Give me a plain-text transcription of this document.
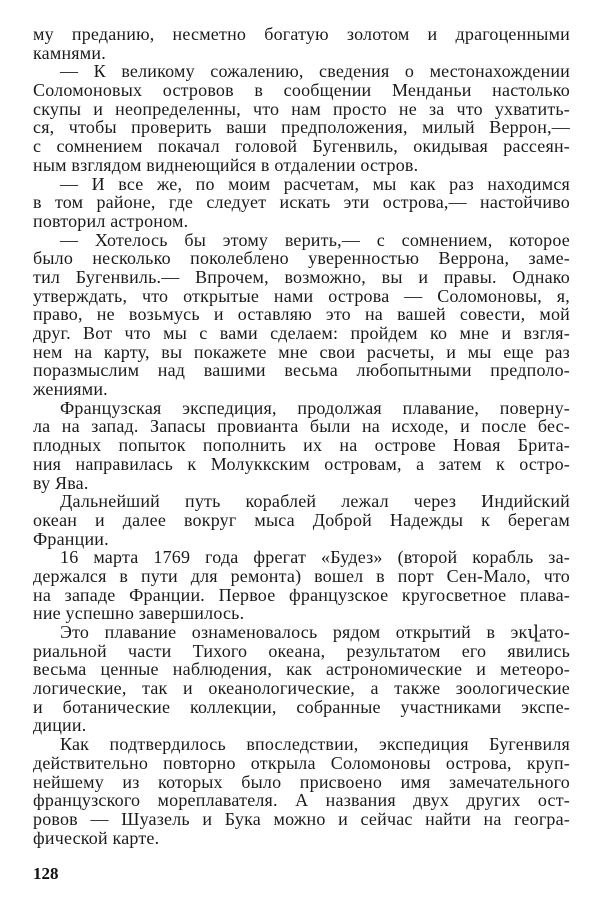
му преданию, несметно богатую золотом и драгоценными
камнями.
— К великому сожалению, сведения о местонахождении
Соломоновых островов в сообщении Менданьи настолько
скупы и неопределенны, что нам просто не за что ухватить-
ся, чтобы проверить ваши предположения, милый Веррон,—
с сомнением покачал головой Бугенвиль, окидывая рассеян-
ным взглядом виднеющийся в отдалении остров.
— И все же, по моим расчетам, мы как раз находимся
в том районе, где следует искать эти острова,— настойчиво
повторил астроном.
— Хотелось бы этому верить,— с сомнением, которое
было несколько поколеблено уверенностью Веррона, заме-
тил Бугенвиль.— Впрочем, возможно, вы и правы. Однако
утверждать, что открытые нами острова — Соломоновы, я,
право, не возьмусь и оставляю это на вашей совести, мой
друг. Вот что мы с вами сделаем: пройдем ко мне и взгля-
нем на карту, вы покажете мне свои расчеты, и мы еще раз
поразмыслим над вашими весьма любопытными предполо-
жениями.
Французская экспедиция, продолжая плавание, поверну-
ла на запад. Запасы провианта были на исходе, и после бес-
плодных попыток пополнить их на острове Новая Брита-
ния направилась к Молуккским островам, а затем к остро-
ву Ява.
Дальнейший путь кораблей лежал через Индийский
океан и далее вокруг мыса Доброй Надежды к берегам
Франции.
16 марта 1769 года фрегат «Будез» (второй корабль за-
держался в пути для ремонта) вошел в порт Сен-Мало, что
на западе Франции. Первое французское кругосветное плава-
ние успешно завершилось.
Это плавание ознаменовалось рядом открытий в экվато-
риальной части Тихого океана, результатом его явились
весьма ценные наблюдения, как астрономические и метеоро-
логические, так и океанологические, а также зоологические
и ботанические коллекции, собранные участниками экспе-
диции.
Как подтвердилось впоследствии, экспедиция Бугенвиля
действительно повторно открыла Соломоновы острова, круп-
нейшему из которых было присвоено имя замечательного
французского мореплавателя. А названия двух других ост-
ровов — Шуазель и Бука можно и сейчас найти на геогра-
фической карте.
128
